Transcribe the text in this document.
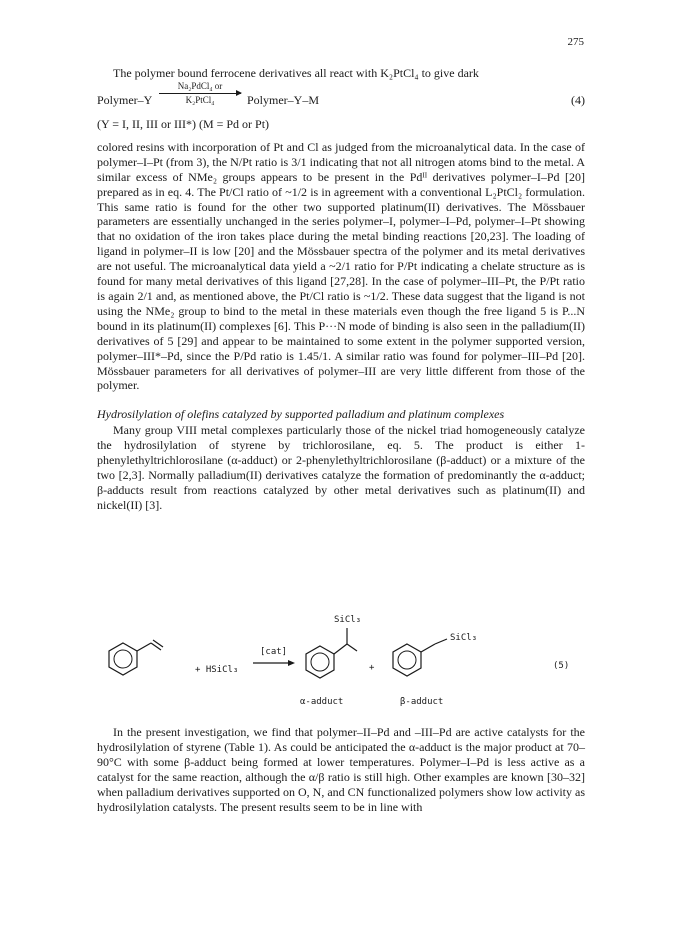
275

The polymer bound ferrocene derivatives all react with K₂PtCl₄ to give dark

Polymer–Y
Na₂PdCl₄ or
K₂PtCl₄	Polymer–Y–M	(4)
(Y = I, II, III or III*) (M = Pd or Pt)

colored resins with incorporation of Pt and Cl as judged from the microanalytical data. In the case of polymer–I–Pt (from 3), the N/Pt ratio is 3/1 indicating that not all nitrogen atoms bind to the metal. A similar excess of NMe₂ groups appears to be present in the Pdᴵᴵ derivatives polymer–I–Pd [20] prepared as in eq. 4. The Pt/Cl ratio of ~1/2 is in agreement with a conventional L₂PtCl₂ formulation. This same ratio is found for the other two supported platinum(II) derivatives. The Mössbauer parameters are essentially unchanged in the series polymer–I, polymer–I–Pd, polymer–I–Pt showing that no oxidation of the iron takes place during the metal binding reactions [20,23]. The loading of ligand in polymer–II is low [20] and the Mössbauer spectra of the polymer and its metal derivatives are not useful. The microanalytical data yield a ~2/1 ratio for P/Pt indicating a chelate structure as is found for many metal derivatives of this ligand [27,28]. In the case of polymer–III–Pt, the P/Pt ratio is again 2/1 and, as mentioned above, the Pt/Cl ratio is ~1/2. These data suggest that the ligand is not using the NMe₂ group to bind to the metal in these materials even though the free ligand 5 is P...N bound in its platinum(II) complexes [6]. This P···N mode of binding is also seen in the palladium(II) derivatives of 5 [29] and appear to be maintained to some extent in the polymer supported version, polymer–III*–Pd, since the P/Pd ratio is 1.45/1. A similar ratio was found for polymer–III–Pd [20]. Mössbauer parameters for all derivatives of polymer–III are very little different from those of the polymer.

Hydrosilylation of olefins catalyzed by supported palladium and platinum complexes

Many group VIII metal complexes particularly those of the nickel triad homogeneously catalyze the hydrosilylation of styrene by trichlorosilane, eq. 5. The product is either 1-phenylethyltrichlorosilane (α-adduct) or 2-phenylethyltrichlorosilane (β-adduct) or a mixture of the two [2,3]. Normally palladium(II) derivatives catalyze the formation of predominantly the α-adduct; β-adducts result from reactions catalyzed by other metal derivatives such as platinum(II) and nickel(II) [3].

+ HSiCl₃
[cat]
SiCl₃
+
SiCl₃
(5)
α-adduct	β-adduct

In the present investigation, we find that polymer–II–Pd and –III–Pd are active catalysts for the hydrosilylation of styrene (Table 1). As could be anticipated the α-adduct is the major product at 70–90°C with some β-adduct being formed at lower temperatures. Polymer–I–Pd is less active as a catalyst for the same reaction, although the α/β ratio is still high. Other examples are known [30–32] when palladium derivatives supported on O, N, and CN functionalized polymers show low activity as hydrosilylation catalysts. The present results seem to be in line with
